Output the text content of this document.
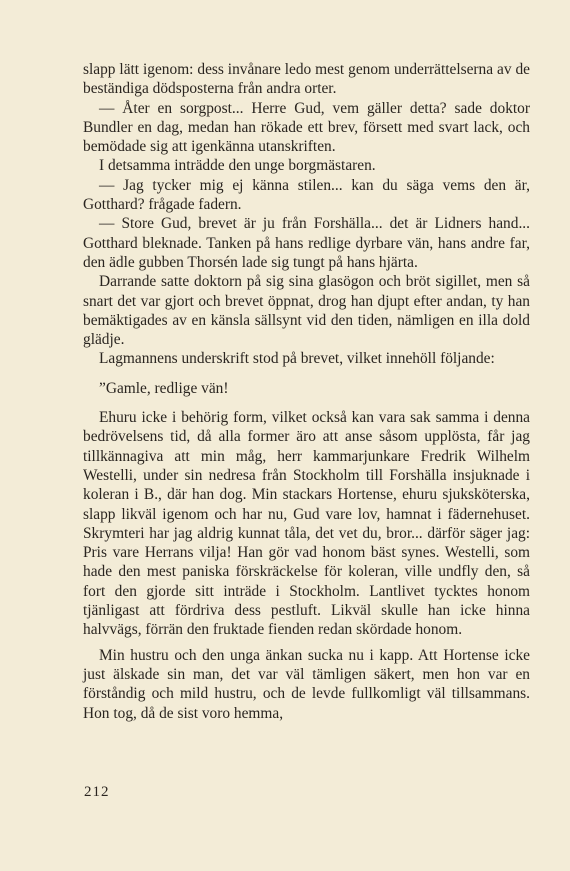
slapp lätt igenom: dess invånare ledo mest genom underrättelserna av de beständiga dödsposterna från andra orter.

— Åter en sorgpost... Herre Gud, vem gäller detta? sade doktor Bundler en dag, medan han rökade ett brev, försett med svart lack, och bemödade sig att igenkänna utanskriften.

I detsamma inträdde den unge borgmästaren.

— Jag tycker mig ej känna stilen... kan du säga vems den är, Gotthard? frågade fadern.

— Store Gud, brevet är ju från Forshälla... det är Lidners hand... Gotthard bleknade. Tanken på hans redlige dyrbare vän, hans andre far, den ädle gubben Thorsén lade sig tungt på hans hjärta.

Darrande satte doktorn på sig sina glasögon och bröt sigillet, men så snart det var gjort och brevet öppnat, drog han djupt efter andan, ty han bemäktigades av en känsla sällsynt vid den tiden, nämligen en illa dold glädje.

Lagmannens underskrift stod på brevet, vilket innehöll följande:

”Gamle, redlige vän!

Ehuru icke i behörig form, vilket också kan vara sak samma i denna bedrövelsens tid, då alla former äro att anse såsom upplösta, får jag tillkännagiva att min måg, herr kammarjunkare Fredrik Wilhelm Westelli, under sin nedresa från Stockholm till Forshälla insjuknade i koleran i B., där han dog. Min stackars Hortense, ehuru sjuksköterska, slapp likväl igenom och har nu, Gud vare lov, hamnat i fädernehuset. Skrymteri har jag aldrig kunnat tåla, det vet du, bror... därför säger jag: Pris vare Herrans vilja! Han gör vad honom bäst synes. Westelli, som hade den mest paniska förskräckelse för koleran, ville undfly den, så fort den gjorde sitt inträde i Stockholm. Lantlivet tycktes honom tjänligast att fördriva dess pestluft. Likväl skulle han icke hinna halvvägs, förrän den fruktade fienden redan skördade honom.

Min hustru och den unga änkan sucka nu i kapp. Att Hortense icke just älskade sin man, det var väl tämligen säkert, men hon var en förståndig och mild hustru, och de levde fullkomligt väl tillsammans. Hon tog, då de sist voro hemma,

212
